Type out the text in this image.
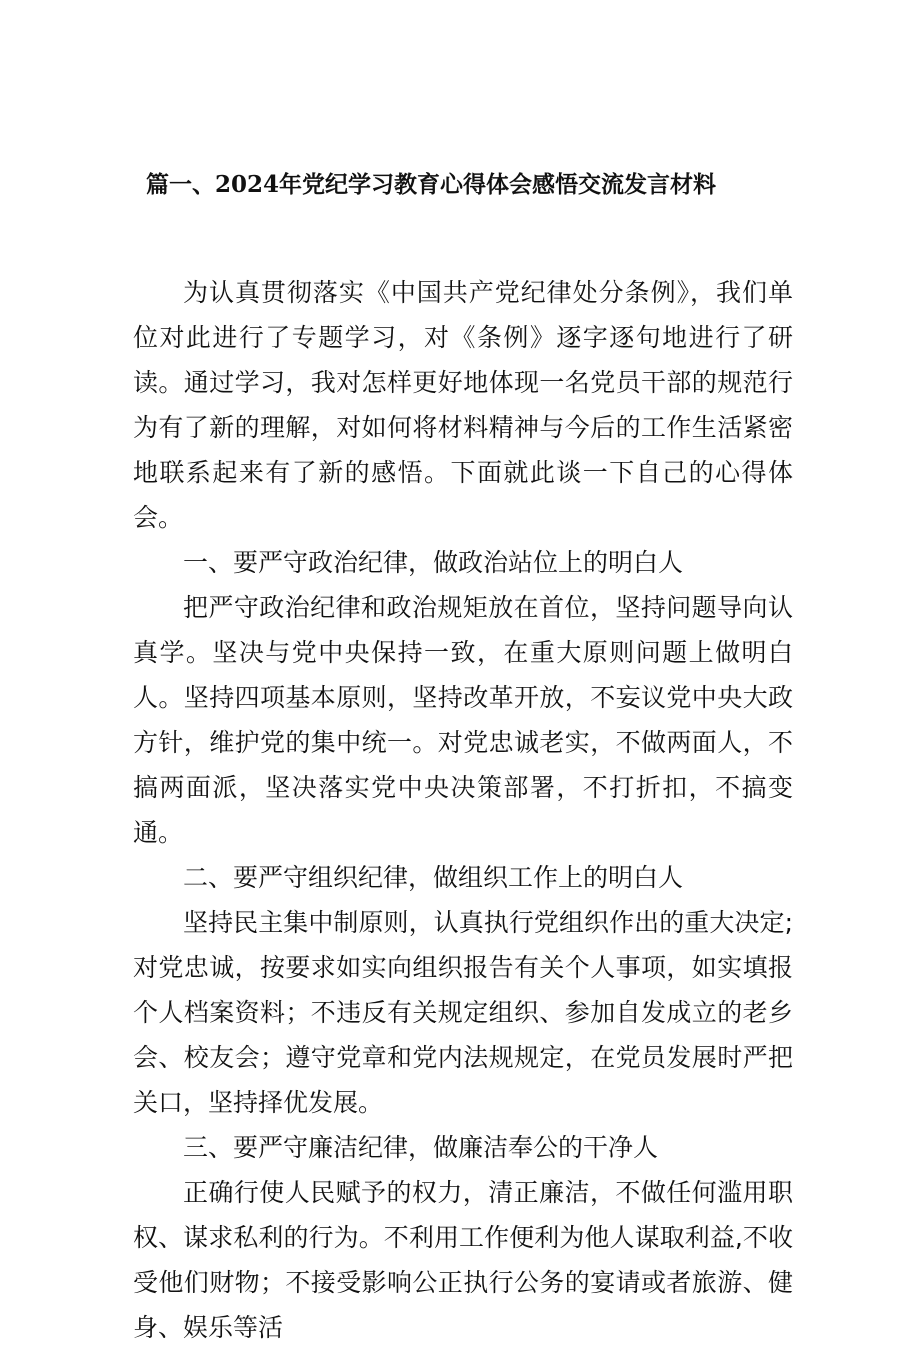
篇一、2024年党纪学习教育心得体会感悟交流发言材料

为认真贯彻落实《中国共产党纪律处分条例》，我们单位对此进行了专题学习，对《条例》逐字逐句地进行了研读。通过学习，我对怎样更好地体现一名党员干部的规范行为有了新的理解，对如何将材料精神与今后的工作生活紧密地联系起来有了新的感悟。下面就此谈一下自己的心得体会。

一、要严守政治纪律，做政治站位上的明白人

把严守政治纪律和政治规矩放在首位，坚持问题导向认真学。坚决与党中央保持一致，在重大原则问题上做明白人。坚持四项基本原则，坚持改革开放，不妄议党中央大政方针，维护党的集中统一。对党忠诚老实，不做两面人，不搞两面派，坚决落实党中央决策部署，不打折扣，不搞变通。

二、要严守组织纪律，做组织工作上的明白人

坚持民主集中制原则，认真执行党组织作出的重大决定;对党忠诚，按要求如实向组织报告有关个人事项，如实填报个人档案资料；不违反有关规定组织、参加自发成立的老乡会、校友会；遵守党章和党内法规规定，在党员发展时严把关口，坚持择优发展。

三、要严守廉洁纪律，做廉洁奉公的干净人

正确行使人民赋予的权力，清正廉洁，不做任何滥用职权、谋求私利的行为。不利用工作便利为他人谋取利益,不收受他们财物；不接受影响公正执行公务的宴请或者旅游、健身、娱乐等活
